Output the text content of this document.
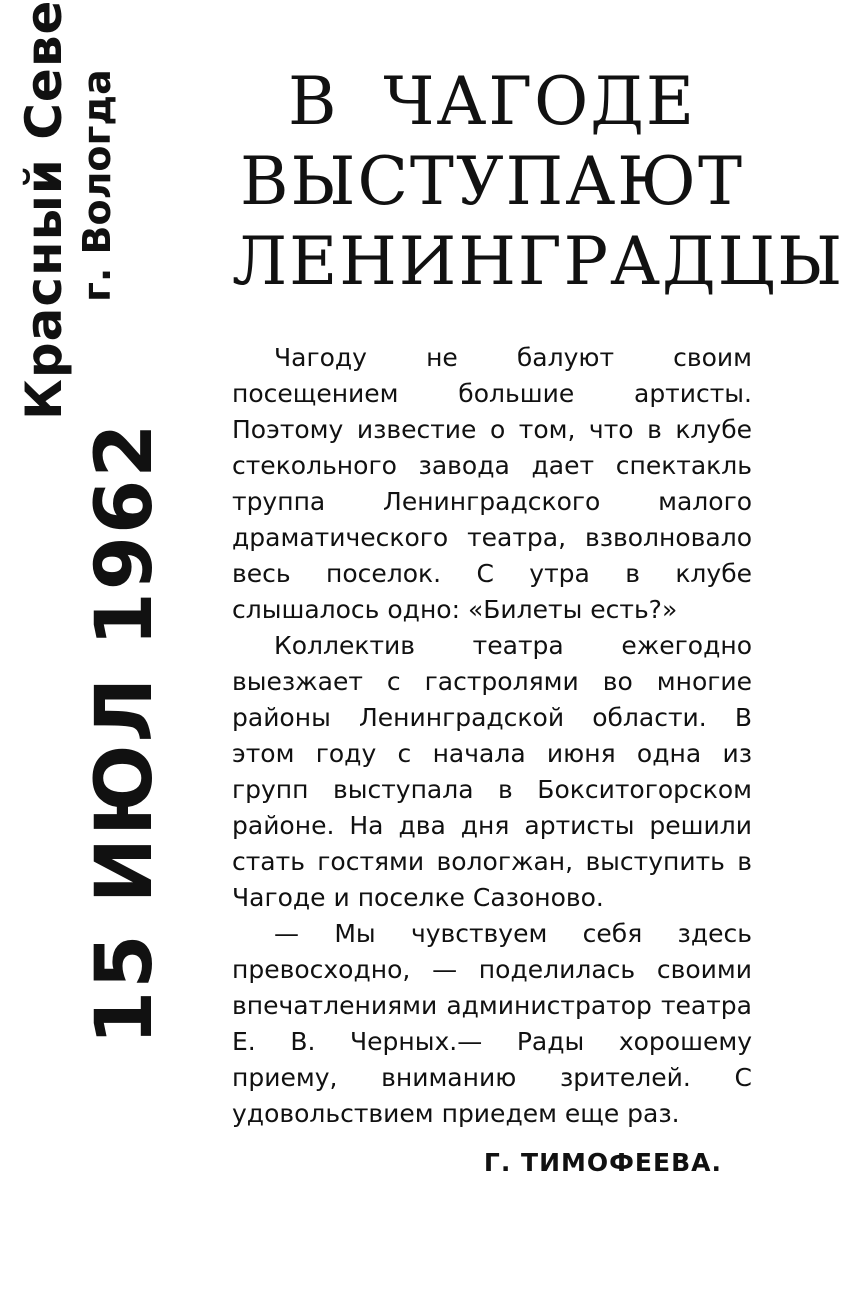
Красный Севе г. Вологда
15 ИЮЛ 1962
В ЧАГОДЕ
ВЫСТУПАЮТ
ЛЕНИНГРАДЦЫ

Чагоду не балуют своим посещением большие артисты. Поэтому известие о том, что в клубе стекольного завода дает спектакль труппа Ленинградского малого драматического театра, взволновало весь поселок. С утра в клубе слышалось одно: «Билеты есть?»

Коллектив театра ежегодно выезжает с гастролями во многие районы Ленинградской области. В этом году с начала июня одна из групп выступала в Бокситогорском районе. На два дня артисты решили стать гостями вологжан, выступить в Чагоде и поселке Сазоново.

— Мы чувствуем себя здесь превосходно, — поделилась своими впечатлениями администратор театра Е. В. Черных.— Рады хорошему приему, вниманию зрителей. С удовольствием приедем еще раз.

Г. ТИМОФЕЕВА.
